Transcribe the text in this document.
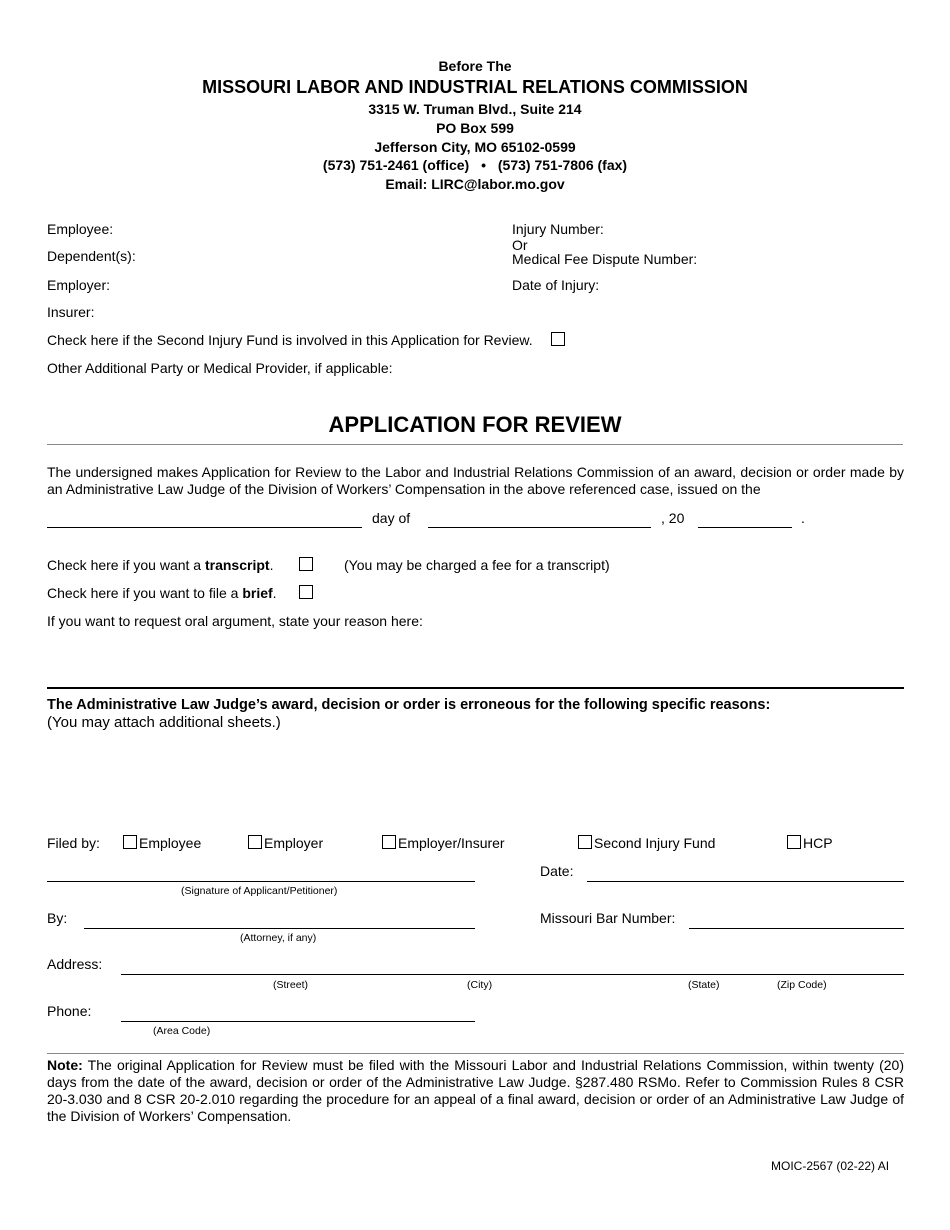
Before The
MISSOURI LABOR AND INDUSTRIAL RELATIONS COMMISSION
3315 W. Truman Blvd., Suite 214
PO Box 599
Jefferson City, MO 65102-0599
(573) 751-2461 (office) • (573) 751-7806 (fax)
Email: LIRC@labor.mo.gov
Employee:
Dependent(s):
Employer:
Insurer:
Injury Number:
Or
Medical Fee Dispute Number:
Date of Injury:
Check here if the Second Injury Fund is involved in this Application for Review.
Other Additional Party or Medical Provider, if applicable:
APPLICATION FOR REVIEW
The undersigned makes Application for Review to the Labor and Industrial Relations Commission of an award, decision or order made by an Administrative Law Judge of the Division of Workers’ Compensation in the above referenced case, issued on the
day of	, 20	.
Check here if you want a transcript.	(You may be charged a fee for a transcript)
Check here if you want to file a brief.
If you want to request oral argument, state your reason here:
The Administrative Law Judge’s award, decision or order is erroneous for the following specific reasons:
(You may attach additional sheets.)
Filed by:	Employee	Employer	Employer/Insurer	Second Injury Fund	HCP
Date:
(Signature of Applicant/Petitioner)
By:	Missouri Bar Number:
(Attorney, if any)
Address:
(Street)	(City)	(State)	(Zip Code)
Phone:
(Area Code)
Note: The original Application for Review must be filed with the Missouri Labor and Industrial Relations Commission, within twenty (20) days from the date of the award, decision or order of the Administrative Law Judge. §287.480 RSMo. Refer to Commission Rules 8 CSR 20-3.030 and 8 CSR 20-2.010 regarding the procedure for an appeal of a final award, decision or order of an Administrative Law Judge of the Division of Workers’ Compensation.
MOIC-2567 (02-22) AI
